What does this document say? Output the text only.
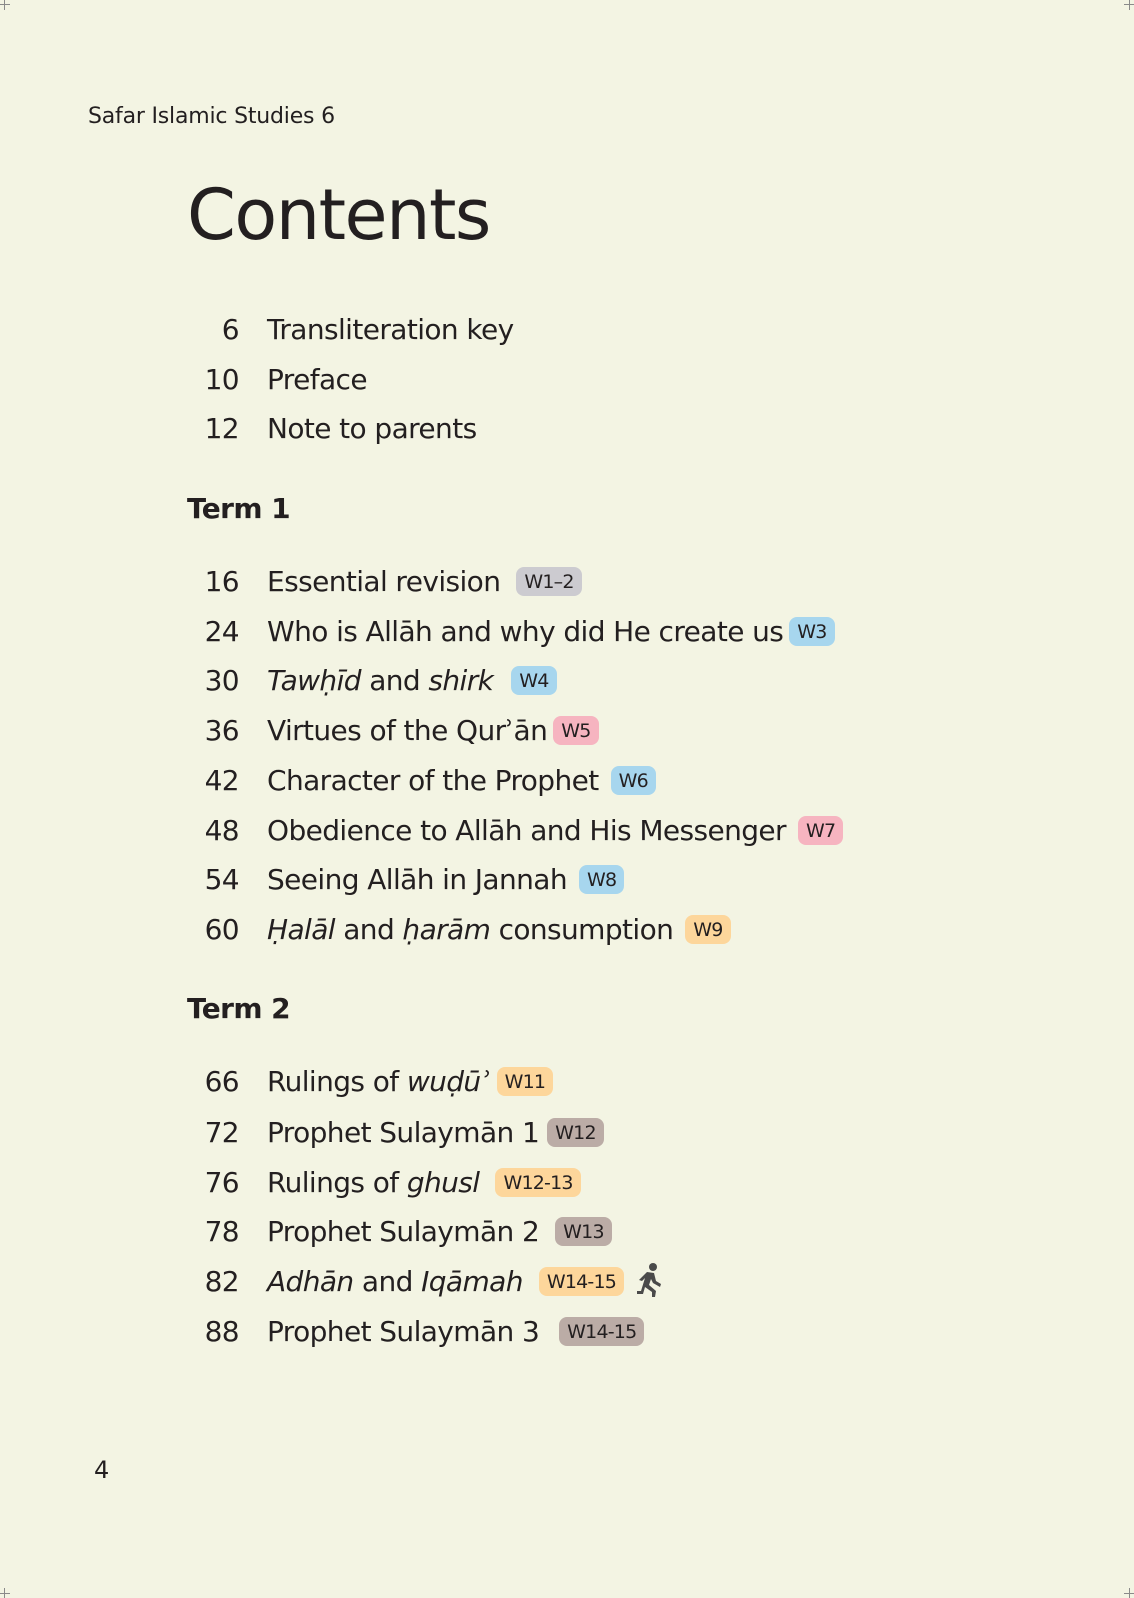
Safar Islamic Studies 6
Contents
6 Transliteration key
10 Preface
12 Note to parents
Term 1
16 Essential revision	W1–2
24 Who is Allāh and why did He create us W3
30 Tawḥīd and shirk	W4
36 Virtues of the Qurʾān W5
42 Character of the Prophet	W6
48 Obedience to Allāh and His Messenger	W7
54 Seeing Allāh in Jannah	W8
60 Ḥalāl and ḥarām consumption	W9
Term 2
66 Rulings of wuḍūʾ W11
72 Prophet Sulaymān 1 W12
76 Rulings of ghusl	W12-13
78 Prophet Sulaymān 2	W13
82 Adhān and Iqāmah	W14-15
88 Prophet Sulaymān 3	W14-15
4
